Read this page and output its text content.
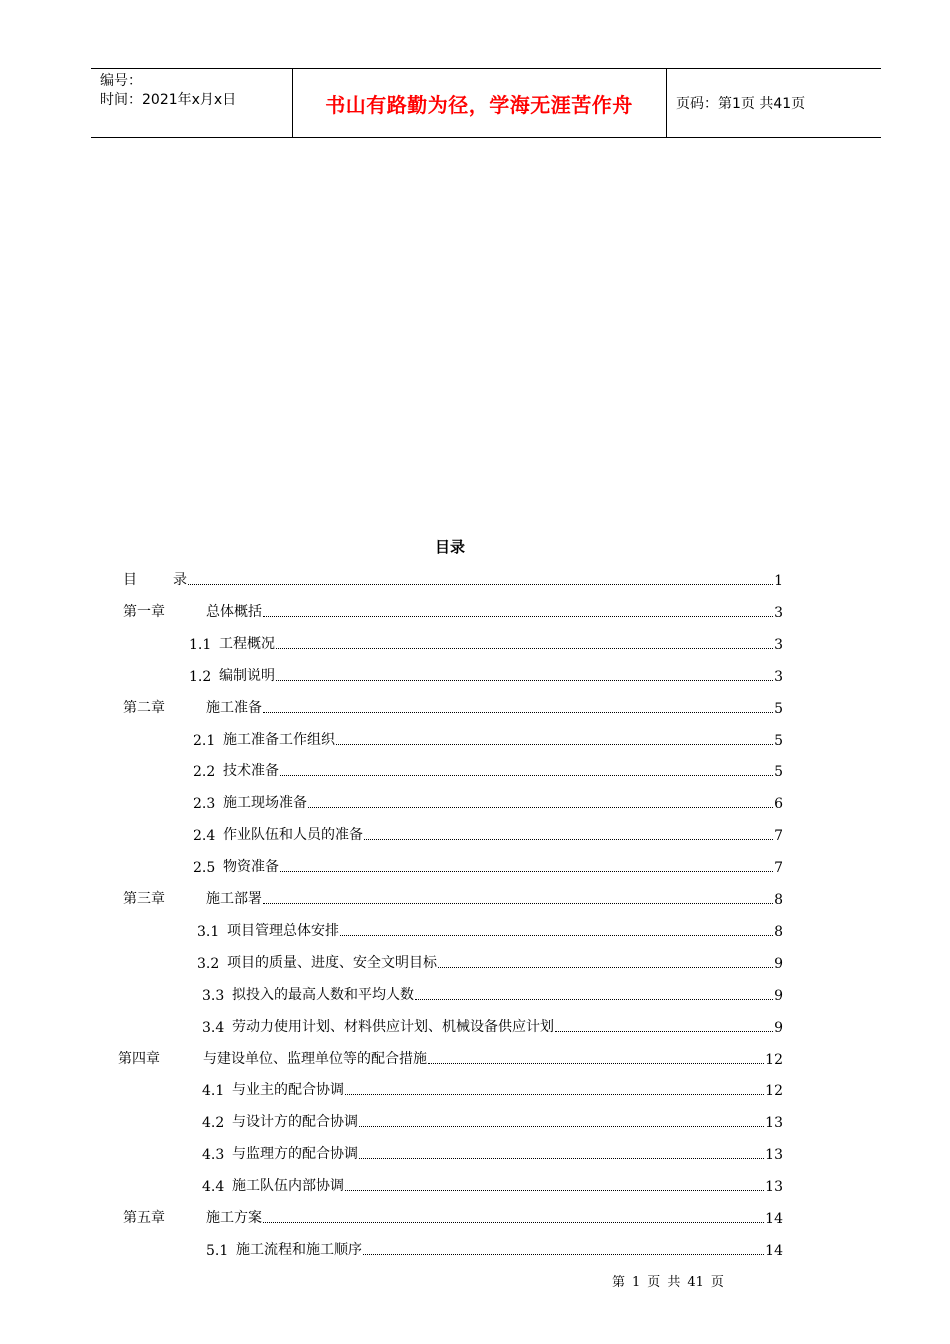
编号：
时间：2021年x月x日	书山有路勤为径，学海无涯苦作舟	页码：第1页 共41页
目录
目	录	1
第一章	总体概括	3
1.1 工程概况	3
1.2 编制说明	3
第二章	施工准备	5
2.1 施工准备工作组织	5
2.2 技术准备	5
2.3 施工现场准备	6
2.4 作业队伍和人员的准备	7
2.5 物资准备	7
第三章	施工部署	8
3.1 项目管理总体安排	8
3.2 项目的质量、进度、安全文明目标	9
3.3 拟投入的最高人数和平均人数	9
3.4 劳动力使用计划、材料供应计划、机械设备供应计划	9
第四章	与建设单位、监理单位等的配合措施	12
4.1 与业主的配合协调	12
4.2 与设计方的配合协调	13
4.3 与监理方的配合协调	13
4.4 施工队伍内部协调	13
第五章	施工方案	14
5.1 施工流程和施工顺序	14
第 1 页 共 41 页
